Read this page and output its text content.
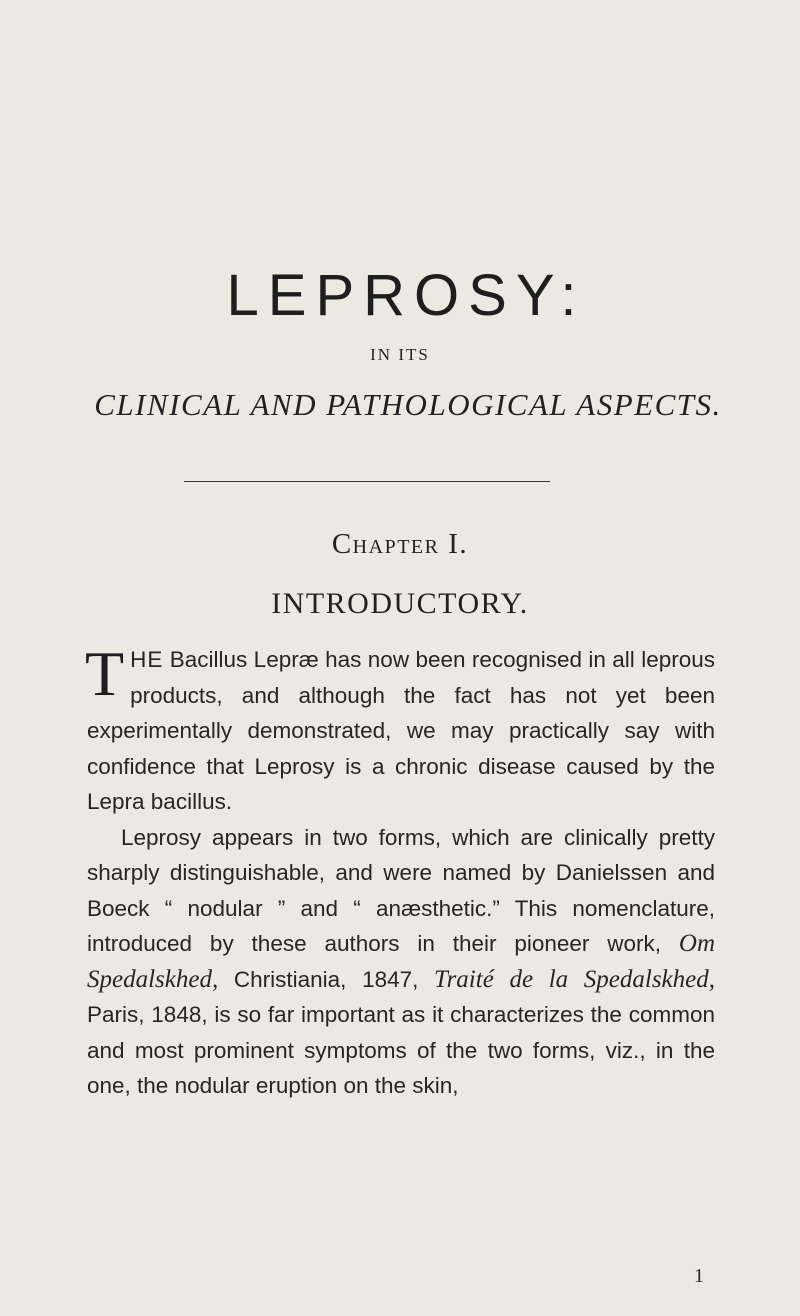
LEPROSY:
IN ITS
CLINICAL AND PATHOLOGICAL ASPECTS.
Chapter I.
INTRODUCTORY.

THE Bacillus Lepræ has now been recognised in all leprous products, and although the fact has not yet been experimentally demonstrated, we may practically say with confidence that Leprosy is a chronic disease caused by the Lepra bacillus.

Leprosy appears in two forms, which are clinically pretty sharply distinguishable, and were named by Danielssen and Boeck “ nodular ” and “ anæsthetic.” This nomenclature, introduced by these authors in their pioneer work, Om Spedalskhed, Christiania, 1847, Traité de la Spedalskhed, Paris, 1848, is so far important as it characterizes the common and most prominent symptoms of the two forms, viz., in the one, the nodular eruption on the skin,

1
